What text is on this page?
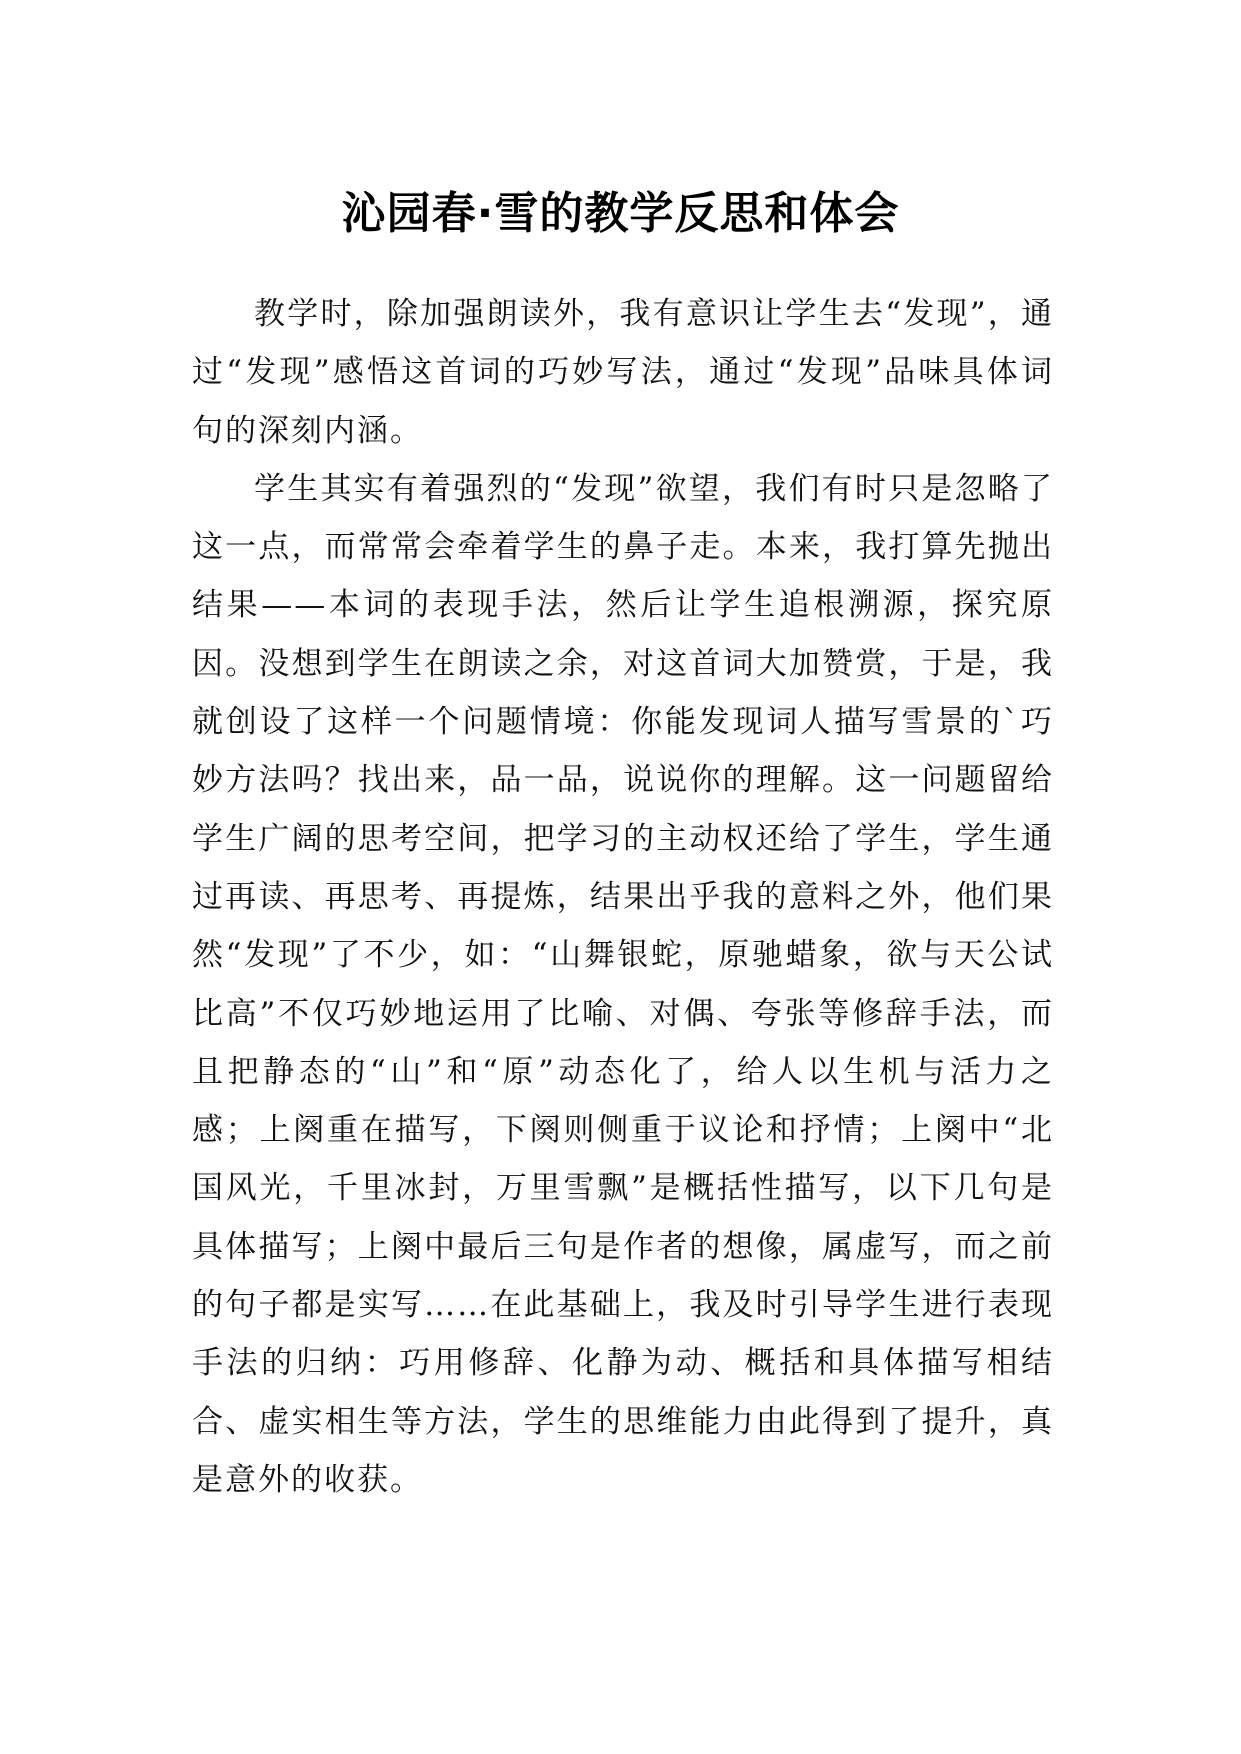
沁园春·雪的教学反思和体会

教学时，除加强朗读外，我有意识让学生去“发现”，通过“发现”感悟这首词的巧妙写法，通过“发现”品味具体词句的深刻内涵。

学生其实有着强烈的“发现”欲望，我们有时只是忽略了这一点，而常常会牵着学生的鼻子走。本来，我打算先抛出结果——本词的表现手法，然后让学生追根溯源，探究原因。没想到学生在朗读之余，对这首词大加赞赏，于是，我就创设了这样一个问题情境：你能发现词人描写雪景的`巧妙方法吗？找出来，品一品，说说你的理解。这一问题留给学生广阔的思考空间，把学习的主动权还给了学生，学生通过再读、再思考、再提炼，结果出乎我的意料之外，他们果然“发现”了不少，如：“山舞银蛇，原驰蜡象，欲与天公试比高”不仅巧妙地运用了比喻、对偶、夸张等修辞手法，而且把静态的“山”和“原”动态化了，给人以生机与活力之感；上阕重在描写，下阕则侧重于议论和抒情；上阕中“北国风光，千里冰封，万里雪飘”是概括性描写，以下几句是具体描写；上阕中最后三句是作者的想像，属虚写，而之前的句子都是实写……在此基础上，我及时引导学生进行表现手法的归纳：巧用修辞、化静为动、概括和具体描写相结合、虚实相生等方法，学生的思维能力由此得到了提升，真是意外的收获。
